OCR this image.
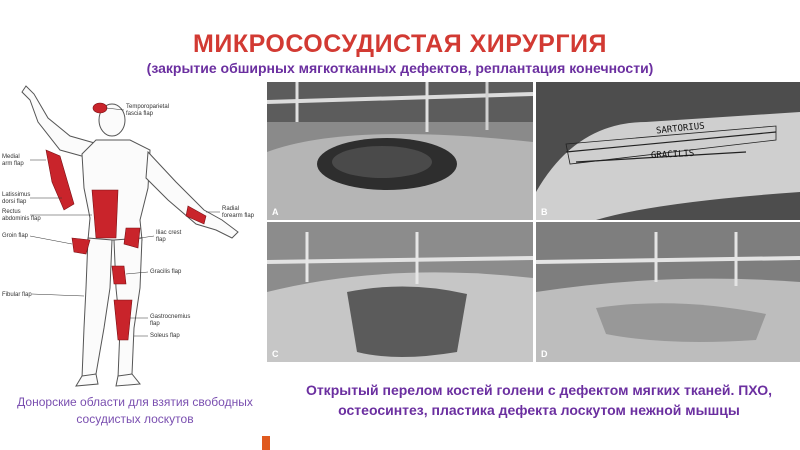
МИКРОСОСУДИСТАЯ ХИРУРГИЯ
(закрытие обширных мягкотканных дефектов, реплантация конечности)
Temporoparietal fascia flap
Medial arm flap
Latissimus dorsi flap
Rectus abdominis flap
Groin flap
Radial forearm flap
Iliac crest flap
Gracilis flap
Fibular flap
Gastrocnemius flap
Soleus flap
Донорские области для взятия свободных сосудистых лоскутов
A
SARTORIUS
GRACILIS
B
C	D
Открытый перелом костей голени с дефектом мягких тканей. ПХО, остеосинтез, пластика дефекта лоскутом нежной мышцы
